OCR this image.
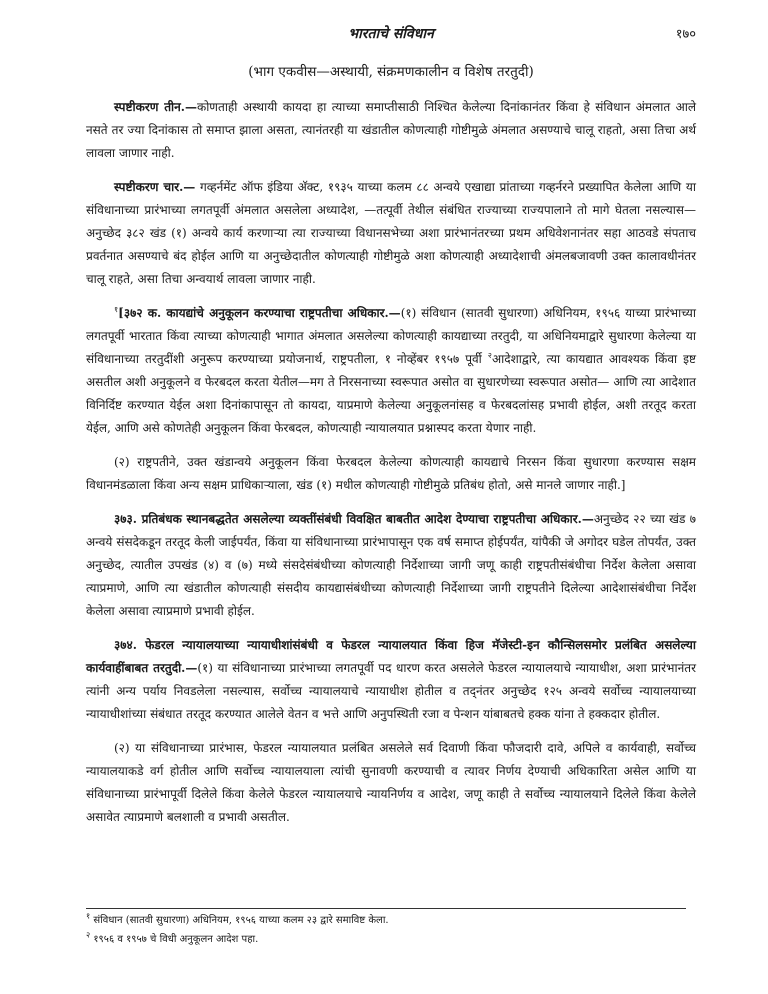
भारताचे संविधान	१७०
(भाग एकवीस—अस्थायी, संक्रमणकालीन व विशेष तरतुदी)

स्पष्टीकरण तीन.—कोणताही अस्थायी कायदा हा त्याच्या समाप्तीसाठी निश्चित केलेल्या दिनांकानंतर किंवा हे संविधान अंमलात आले नसते तर ज्या दिनांकास तो समाप्त झाला असता, त्यानंतरही या खंडातील कोणत्याही गोष्टीमुळे अंमलात असण्याचे चालू राहतो, असा तिचा अर्थ लावला जाणार नाही.

स्पष्टीकरण चार.— गव्हर्नमेंट ऑफ इंडिया अ‍ॅक्ट, १९३५ याच्या कलम ८८ अन्वये एखाद्या प्रांताच्या गव्हर्नरने प्रख्यापित केलेला आणि या संविधानाच्या प्रारंभाच्या लगतपूर्वी अंमलात असलेला अध्यादेश, —तत्पूर्वी तेथील संबंधित राज्याच्या राज्यपालाने तो मागे घेतला नसल्यास— अनुच्छेद ३८२ खंड (१) अन्वये कार्य करणाऱ्या त्या राज्याच्या विधानसभेच्या अशा प्रारंभानंतरच्या प्रथम अधिवेशनानंतर सहा आठवडे संपताच प्रवर्तनात असण्याचे बंद होईल आणि या अनुच्छेदातील कोणत्याही गोष्टीमुळे अशा कोणत्याही अध्यादेशाची अंमलबजावणी उक्त कालावधीनंतर चालू राहते, असा तिचा अन्वयार्थ लावला जाणार नाही.

$^१$[३७२ क. कायद्यांचे अनुकूलन करण्याचा राष्ट्रपतीचा अधिकार.—(१) संविधान (सातवी सुधारणा) अधिनियम, १९५६ याच्या प्रारंभाच्या लगतपूर्वी भारतात किंवा त्याच्या कोणत्याही भागात अंमलात असलेल्या कोणत्याही कायद्याच्या तरतुदी, या अधिनियमाद्वारे सुधारणा केलेल्या या संविधानाच्या तरतुदींशी अनुरूप करण्याच्या प्रयोजनार्थ, राष्ट्रपतीला, १ नोव्हेंबर १९५७ पूर्वी $^२$आदेशाद्वारे, त्या कायद्यात आवश्यक किंवा इष्ट असतील अशी अनुकूलने व फेरबदल करता येतील—मग ते निरसनाच्या स्वरूपात असोत वा सुधारणेच्या स्वरूपात असोत— आणि त्या आदेशात विनिर्दिष्ट करण्यात येईल अशा दिनांकापासून तो कायदा, याप्रमाणे केलेल्या अनुकूलनांसह व फेरबदलांसह प्रभावी होईल, अशी तरतूद करता येईल, आणि असे कोणतेही अनुकूलन किंवा फेरबदल, कोणत्याही न्यायालयात प्रश्नास्पद करता येणार नाही.

(२) राष्ट्रपतीने, उक्त खंडान्वये अनुकूलन किंवा फेरबदल केलेल्या कोणत्याही कायद्याचे निरसन किंवा सुधारणा करण्यास सक्षम विधानमंडळाला किंवा अन्य सक्षम प्राधिकाऱ्याला, खंड (१) मधील कोणत्याही गोष्टीमुळे प्रतिबंध होतो, असे मानले जाणार नाही.]

३७३. प्रतिबंधक स्थानबद्धतेत असलेल्या व्यक्तींसंबंधी विवक्षित बाबतीत आदेश देण्याचा राष्ट्रपतीचा अधिकार.—अनुच्छेद २२ च्या खंड ७ अन्वये संसदेकडून तरतूद केली जाईपर्यंत, किंवा या संविधानाच्या प्रारंभापासून एक वर्ष समाप्त होईपर्यंत, यांपैकी जे अगोदर घडेल तोपर्यंत, उक्त अनुच्छेद, त्यातील उपखंड (४) व (७) मध्ये संसदेसंबंधीच्या कोणत्याही निर्देशाच्या जागी जणू काही राष्ट्रपतीसंबंधीचा निर्देश केलेला असावा त्याप्रमाणे, आणि त्या खंडातील कोणत्याही संसदीय कायद्यासंबंधीच्या कोणत्याही निर्देशाच्या जागी राष्ट्रपतीने दिलेल्या आदेशासंबंधीचा निर्देश केलेला असावा त्याप्रमाणे प्रभावी होईल.

३७४. फेडरल न्यायालयाच्या न्यायाधीशांसंबंधी व फेडरल न्यायालयात किंवा हिज मॅजेस्टी-इन कौन्सिलसमोर प्रलंबित असलेल्या कार्यवाहींबाबत तरतुदी.—(१) या संविधानाच्या प्रारंभाच्या लगतपूर्वी पद धारण करत असलेले फेडरल न्यायालयाचे न्यायाधीश, अशा प्रारंभानंतर त्यांनी अन्य पर्याय निवडलेला नसल्यास, सर्वोच्च न्यायालयाचे न्यायाधीश होतील व तद्नंतर अनुच्छेद १२५ अन्वये सर्वोच्च न्यायालयाच्या न्यायाधीशांच्या संबंधात तरतूद करण्यात आलेले वेतन व भत्ते आणि अनुपस्थिती रजा व पेन्शन यांबाबतचे हक्क यांना ते हक्कदार होतील.

(२) या संविधानाच्या प्रारंभास, फेडरल न्यायालयात प्रलंबित असलेले सर्व दिवाणी किंवा फौजदारी दावे, अपिले व कार्यवाही, सर्वोच्च न्यायालयाकडे वर्ग होतील आणि सर्वोच्च न्यायालयाला त्यांची सुनावणी करण्याची व त्यावर निर्णय देण्याची अधिकारिता असेल आणि या संविधानाच्या प्रारंभापूर्वी दिलेले किंवा केलेले फेडरल न्यायालयाचे न्यायनिर्णय व आदेश, जणू काही ते सर्वोच्च न्यायालयाने दिलेले किंवा केलेले असावेत त्याप्रमाणे बलशाली व प्रभावी असतील.

$^१$ संविधान (सातवी सुधारणा) अधिनियम, १९५६ याच्या कलम २३ द्वारे समाविष्ट केला.
$^२$ १९५६ व १९५७ चे विधी अनुकूलन आदेश पहा.
